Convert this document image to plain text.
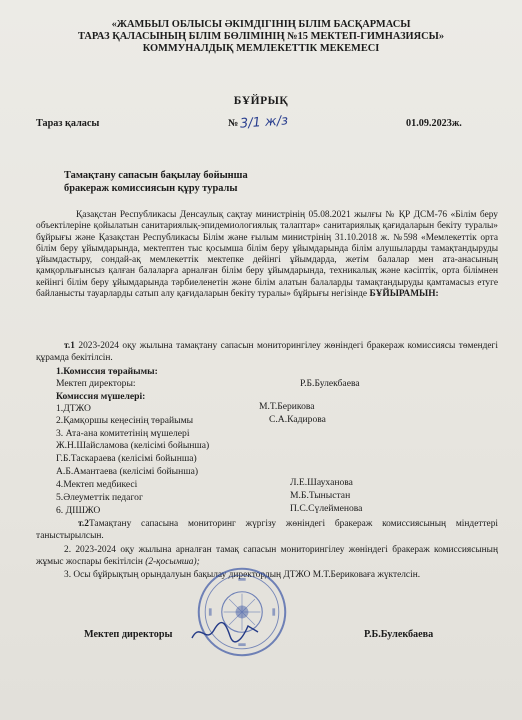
«ЖАМБЫЛ ОБЛЫСЫ ӘКІМДІГІНІҢ БІЛІМ БАСҚАРМАСЫ
ТАРАЗ ҚАЛАСЫНЫҢ БІЛІМ БӨЛІМІНІҢ №15 МЕКТЕП-ГИМНАЗИЯСЫ»
КОММУНАЛДЫҚ МЕМЛЕКЕТТІК МЕКЕМЕСІ
БҰЙРЫҚ
Тараз қаласы	№ 3/1 ж/з	01.09.2023ж.
Тамақтану сапасын бақылау бойынша
бракераж комиссиясын құру туралы
Қазақстан Республикасы Денсаулық сақтау министрінің 05.08.2021 жылғы № ҚР ДСМ-76 «Білім беру объектілеріне қойылатын санитариялық-эпидемиологиялық талаптар» санитариялық қағидаларын бекіту туралы» бұйрығы және Қазақстан Республикасы Білім және ғылым министрінің 31.10.2018 ж. №598 «Мемлекеттік орта білім беру ұйымдарында, мектептен тыс қосымша білім беру ұйымдарында білім алушыларды тамақтандыруды ұйымдастыру, сондай-ақ мемлекеттік мектепке дейінгі ұйымдарда, жетім балалар мен ата-анасының қамқорлығынсыз қалған балаларға арналған білім беру ұйымдарында, техникалық және кәсіптік, орта білімнен кейінгі білім беру ұйымдарында тәрбиеленетін және білім алатын балаларды тамақтандыруды қамтамасыз етуге байланысты тауарларды сатып алу қағидаларын бекіту туралы» бұйрығы негізінде БҰЙЫРАМЫН:
т.1 2023-2024 оқу жылына тамақтану сапасын мониторингілеу жөніндегі бракераж комиссиясы төмендегі құрамда бекітілсін.
1.Комиссия төрайымы:
Мектеп директоры:	Р.Б.Булекбаева
Комиссия мүшелері:
1.ДТЖО	М.Т.Берикова
2.Қамқоршы кеңесінің төрайымы	С.А.Кадирова
3. Ата-ана комитетінің мүшелері
Ж.Н.Шайсламова (келісімі бойынша)
Г.Б.Таскараева (келісімі бойынша)
А.Б.Амантаева (келісімі бойынша)
4.Мектеп медбикесі	Л.Е.Шауханова
5.Әлеуметтік педагог	М.Б.Тыныстан
6. ДІШЖО	П.С.Сүлейменова
т.2Тамақтану сапасына мониторинг жүргізу жөніндегі бракераж комиссиясының міндеттері таныстырылсын.
2. 2023-2024 оқу жылына арналған тамақ сапасын мониторингілеу жөніндегі бракераж комиссиясының жұмыс жоспары бекітілсін (2-қосымша);
3. Осы бұйрықтың орындалуын бақылау директордың ДТЖО М.Т.Бериковаға жүктелсін.
Мектеп директоры	Р.Б.Булекбаева
